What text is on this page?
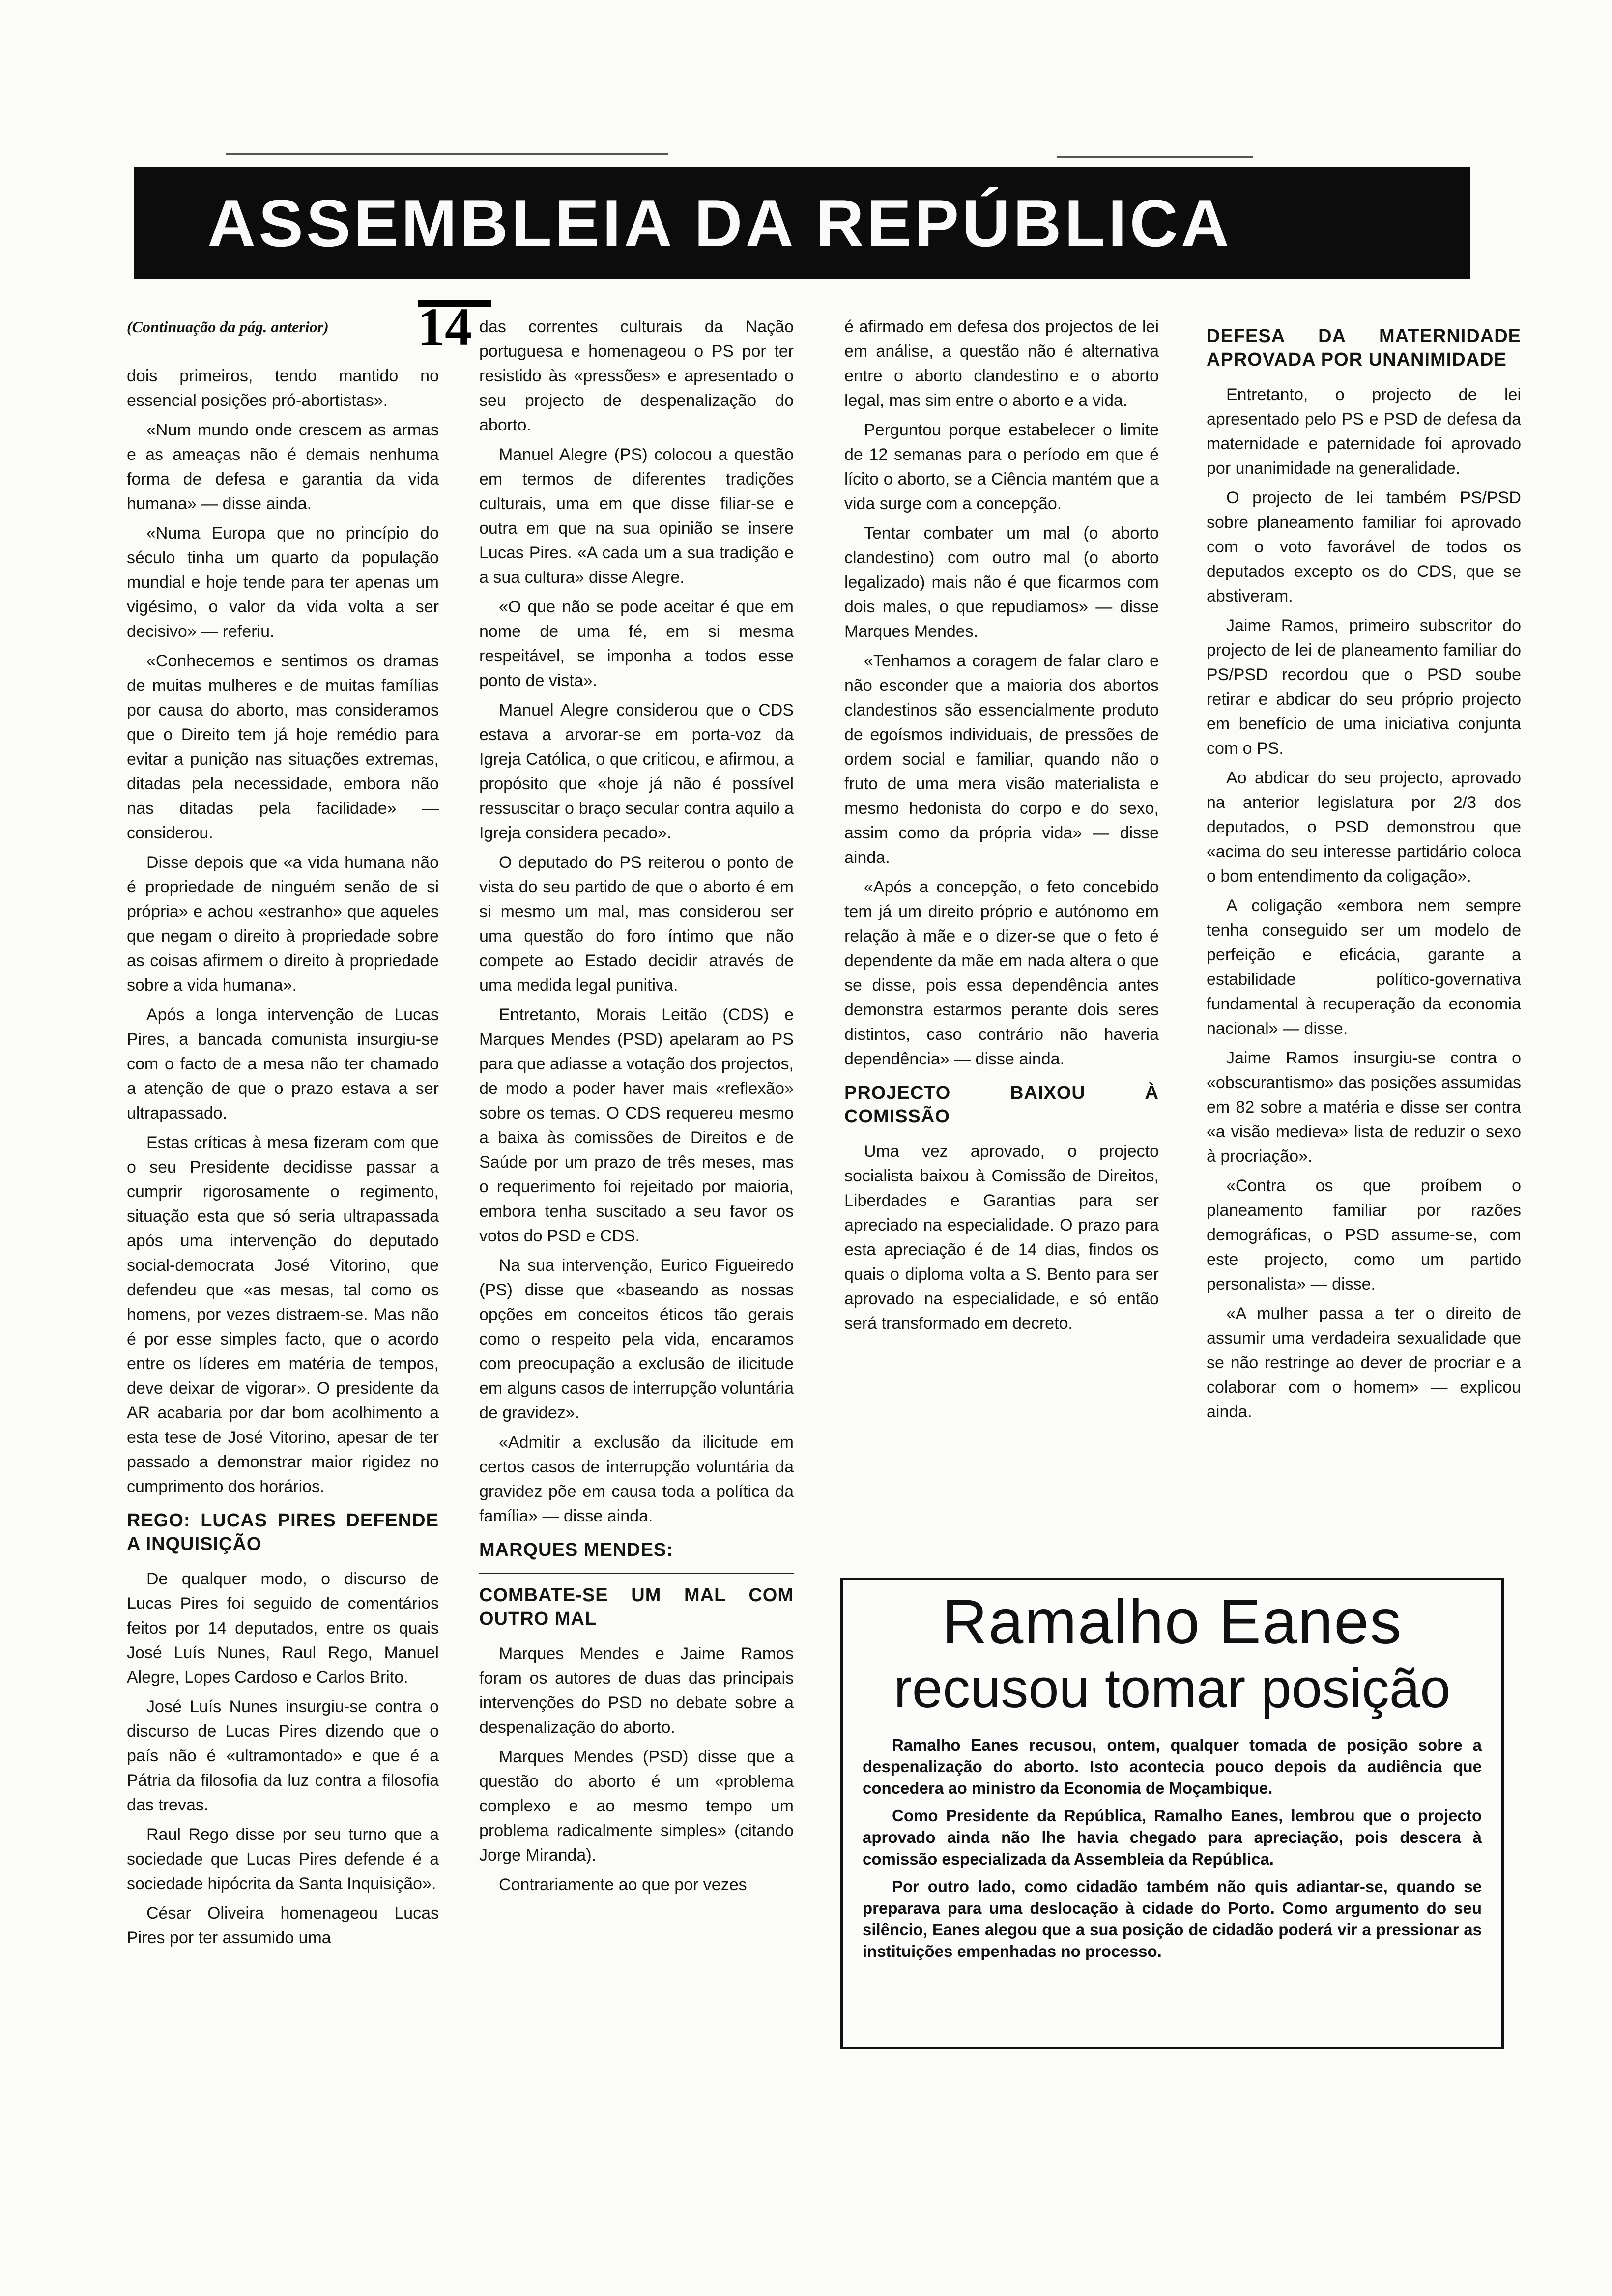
ASSEMBLEIA DA REPÚBLICA
14
(Continuação da pág. anterior)

dois primeiros, tendo mantido no essencial posições pró-abortistas».

«Num mundo onde crescem as armas e as ameaças não é demais nenhuma forma de defesa e garantia da vida humana» — disse ainda.

«Numa Europa que no princípio do século tinha um quarto da população mundial e hoje tende para ter apenas um vigésimo, o valor da vida volta a ser decisivo» — referiu.

«Conhecemos e sentimos os dramas de muitas mulheres e de muitas famílias por causa do aborto, mas consideramos que o Direito tem já hoje remédio para evitar a punição nas situações extremas, ditadas pela necessidade, embora não nas ditadas pela facilidade» — considerou.

Disse depois que «a vida humana não é propriedade de ninguém senão de si própria» e achou «estranho» que aqueles que negam o direito à propriedade sobre as coisas afirmem o direito à propriedade sobre a vida humana».

Após a longa intervenção de Lucas Pires, a bancada comunista insurgiu-se com o facto de a mesa não ter chamado a atenção de que o prazo estava a ser ultrapassado.

Estas críticas à mesa fizeram com que o seu Presidente decidisse passar a cumprir rigorosamente o regimento, situação esta que só seria ultrapassada após uma intervenção do deputado social-democrata José Vitorino, que defendeu que «as mesas, tal como os homens, por vezes distraem-se. Mas não é por esse simples facto, que o acordo entre os líderes em matéria de tempos, deve deixar de vigorar». O presidente da AR acabaria por dar bom acolhimento a esta tese de José Vitorino, apesar de ter passado a demonstrar maior rigidez no cumprimento dos horários.

REGO: LUCAS PIRES DEFENDE A INQUISIÇÃO

De qualquer modo, o discurso de Lucas Pires foi seguido de comentários feitos por 14 deputados, entre os quais José Luís Nunes, Raul Rego, Manuel Alegre, Lopes Cardoso e Carlos Brito.

José Luís Nunes insurgiu-se contra o discurso de Lucas Pires dizendo que o país não é «ultramontado» e que é a Pátria da filosofia da luz contra a filosofia das trevas.

Raul Rego disse por seu turno que a sociedade que Lucas Pires defende é a sociedade hipócrita da Santa Inquisição».

César Oliveira homenageou Lucas Pires por ter assumido uma

das correntes culturais da Nação portuguesa e homenageou o PS por ter resistido às «pressões» e apresentado o seu projecto de despenalização do aborto.

Manuel Alegre (PS) colocou a questão em termos de diferentes tradições culturais, uma em que disse filiar-se e outra em que na sua opinião se insere Lucas Pires. «A cada um a sua tradição e a sua cultura» disse Alegre.

«O que não se pode aceitar é que em nome de uma fé, em si mesma respeitável, se imponha a todos esse ponto de vista».

Manuel Alegre considerou que o CDS estava a arvorar-se em porta-voz da Igreja Católica, o que criticou, e afirmou, a propósito que «hoje já não é possível ressuscitar o braço secular contra aquilo a Igreja considera pecado».

O deputado do PS reiterou o ponto de vista do seu partido de que o aborto é em si mesmo um mal, mas considerou ser uma questão do foro íntimo que não compete ao Estado decidir através de uma medida legal punitiva.

Entretanto, Morais Leitão (CDS) e Marques Mendes (PSD) apelaram ao PS para que adiasse a votação dos projectos, de modo a poder haver mais «reflexão» sobre os temas. O CDS requereu mesmo a baixa às comissões de Direitos e de Saúde por um prazo de três meses, mas o requerimento foi rejeitado por maioria, embora tenha suscitado a seu favor os votos do PSD e CDS.

Na sua intervenção, Eurico Figueiredo (PS) disse que «baseando as nossas opções em conceitos éticos tão gerais como o respeito pela vida, encaramos com preocupação a exclusão de ilicitude em alguns casos de interrupção voluntária de gravidez».

«Admitir a exclusão da ilicitude em certos casos de interrupção voluntária da gravidez põe em causa toda a política da família» — disse ainda.

MARQUES MENDES:
COMBATE-SE UM MAL COM OUTRO MAL

Marques Mendes e Jaime Ramos foram os autores de duas das principais intervenções do PSD no debate sobre a despenalização do aborto.

Marques Mendes (PSD) disse que a questão do aborto é um «problema complexo e ao mesmo tempo um problema radicalmente simples» (citando Jorge Miranda).

Contrariamente ao que por vezes

é afirmado em defesa dos projectos de lei em análise, a questão não é alternativa entre o aborto clandestino e o aborto legal, mas sim entre o aborto e a vida.

Perguntou porque estabelecer o limite de 12 semanas para o período em que é lícito o aborto, se a Ciência mantém que a vida surge com a concepção.

Tentar combater um mal (o aborto clandestino) com outro mal (o aborto legalizado) mais não é que ficarmos com dois males, o que repudiamos» — disse Marques Mendes.

«Tenhamos a coragem de falar claro e não esconder que a maioria dos abortos clandestinos são essencialmente produto de egoísmos individuais, de pressões de ordem social e familiar, quando não o fruto de uma mera visão materialista e mesmo hedonista do corpo e do sexo, assim como da própria vida» — disse ainda.

«Após a concepção, o feto concebido tem já um direito próprio e autónomo em relação à mãe e o dizer-se que o feto é dependente da mãe em nada altera o que se disse, pois essa dependência antes demonstra estarmos perante dois seres distintos, caso contrário não haveria dependência» — disse ainda.

PROJECTO BAIXOU À COMISSÃO

Uma vez aprovado, o projecto socialista baixou à Comissão de Direitos, Liberdades e Garantias para ser apreciado na especialidade. O prazo para esta apreciação é de 14 dias, findos os quais o diploma volta a S. Bento para ser aprovado na especialidade, e só então será transformado em decreto.

DEFESA DA MATERNIDADE APROVADA POR UNANIMIDADE

Entretanto, o projecto de lei apresentado pelo PS e PSD de defesa da maternidade e paternidade foi aprovado por unanimidade na generalidade.

O projecto de lei também PS/PSD sobre planeamento familiar foi aprovado com o voto favorável de todos os deputados excepto os do CDS, que se abstiveram.

Jaime Ramos, primeiro subscritor do projecto de lei de planeamento familiar do PS/PSD recordou que o PSD soube retirar e abdicar do seu próprio projecto em benefício de uma iniciativa conjunta com o PS.

Ao abdicar do seu projecto, aprovado na anterior legislatura por 2/3 dos deputados, o PSD demonstrou que «acima do seu interesse partidário coloca o bom entendimento da coligação».

A coligação «embora nem sempre tenha conseguido ser um modelo de perfeição e eficácia, garante a estabilidade político-governativa fundamental à recuperação da economia nacional» — disse.

Jaime Ramos insurgiu-se contra o «obscurantismo» das posições assumidas em 82 sobre a matéria e disse ser contra «a visão medieva» lista de reduzir o sexo à procriação».

«Contra os que proíbem o planeamento familiar por razões demográficas, o PSD assume-se, com este projecto, como um partido personalista» — disse.

«A mulher passa a ter o direito de assumir uma verdadeira sexualidade que se não restringe ao dever de procriar e a colaborar com o homem» — explicou ainda.

Ramalho Eanes
recusou tomar posição

Ramalho Eanes recusou, ontem, qualquer tomada de posição sobre a despenalização do aborto. Isto acontecia pouco depois da audiência que concedera ao ministro da Economia de Moçambique.

Como Presidente da República, Ramalho Eanes, lembrou que o projecto aprovado ainda não lhe havia chegado para apreciação, pois descera à comissão especializada da Assembleia da República.

Por outro lado, como cidadão também não quis adiantar-se, quando se preparava para uma deslocação à cidade do Porto. Como argumento do seu silêncio, Eanes alegou que a sua posição de cidadão poderá vir a pressionar as instituições empenhadas no processo.
